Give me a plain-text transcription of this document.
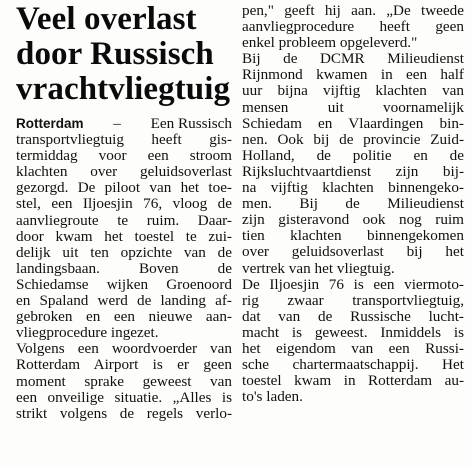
Veel overlast
door Russisch
vrachtvliegtuig
Rotterdam – Een Russisch
transportvliegtuig heeft gis-
termiddag voor een stroom
klachten over geluidsoverlast
gezorgd. De piloot van het toe-
stel, een Iljoesjin 76, vloog de
aanvliegroute te ruim. Daar-
door kwam het toestel te zui-
delijk uit ten opzichte van de
landingsbaan. Boven de
Schiedamse wijken Groenoord
en Spaland werd de landing af-
gebroken en een nieuwe aan-
vliegprocedure ingezet.
Volgens een woordvoerder van
Rotterdam Airport is er geen
moment sprake geweest van
een onveilige situatie. „Alles is
strikt volgens de regels verlo-
pen," geeft hij aan. „De tweede
aanvliegprocedure heeft geen
enkel probleem opgeleverd."
Bij de DCMR Milieudienst
Rijnmond kwamen in een half
uur bijna vijftig klachten van
mensen uit voornamelijk
Schiedam en Vlaardingen bin-
nen. Ook bij de provincie Zuid-
Holland, de politie en de
Rijksluchtvaartdienst zijn bij-
na vijftig klachten binnengeko-
men. Bij de Milieudienst
zijn gisteravond ook nog ruim
tien klachten binnengekomen
over geluidsoverlast bij het
vertrek van het vliegtuig.
De Iljoesjin 76 is een viermoto-
rig zwaar transportvliegtuig,
dat van de Russische lucht-
macht is geweest. Inmiddels is
het eigendom van een Russi-
sche chartermaatschappij. Het
toestel kwam in Rotterdam au-
to's laden.
